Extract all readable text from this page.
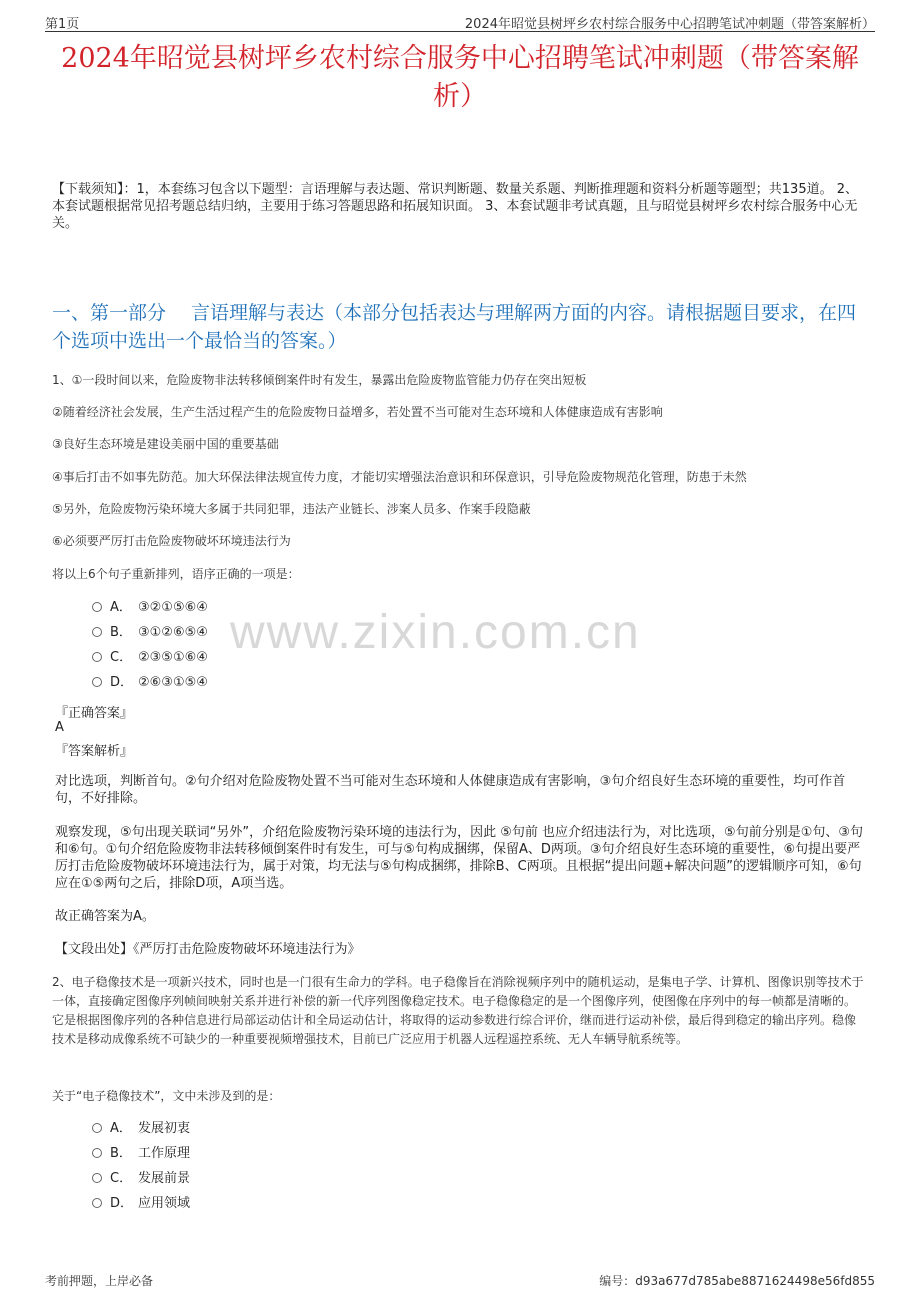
第1页	2024年昭觉县树坪乡农村综合服务中心招聘笔试冲刺题（带答案解析）
2024年昭觉县树坪乡农村综合服务中心招聘笔试冲刺题（带答案解析）
【下载须知】：1，本套练习包含以下题型：言语理解与表达题、常识判断题、数量关系题、判断推理题和资料分析题等题型；共135道。 2、本套试题根据常见招考题总结归纳，主要用于练习答题思路和拓展知识面。 3、本套试题非考试真题，且与昭觉县树坪乡农村综合服务中心无关。
一、第一部分　 言语理解与表达（本部分包括表达与理解两方面的内容。请根据题目要求，在四个选项中选出一个最恰当的答案。）
1、①一段时间以来，危险废物非法转移倾倒案件时有发生，暴露出危险废物监管能力仍存在突出短板
②随着经济社会发展，生产生活过程产生的危险废物日益增多，若处置不当可能对生态环境和人体健康造成有害影响
③良好生态环境是建设美丽中国的重要基础
④事后打击不如事先防范。加大环保法律法规宣传力度，才能切实增强法治意识和环保意识，引导危险废物规范化管理，防患于未然
⑤另外，危险废物污染环境大多属于共同犯罪，违法产业链长、涉案人员多、作案手段隐蔽
⑥必须要严厉打击危险废物破坏环境违法行为
将以上6个句子重新排列，语序正确的一项是：
A． ③②①⑤⑥④
B． ③①②⑥⑤④
C． ②③⑤①⑥④
D． ②⑥③①⑤④
www.zixin.com.cn
『正确答案』
A
『答案解析』
对比选项，判断首句。②句介绍对危险废物处置不当可能对生态环境和人体健康造成有害影响，③句介绍良好生态环境的重要性，均可作首句，不好排除。
观察发现，⑤句出现关联词“另外”，介绍危险废物污染环境的违法行为，因此 ⑤句前 也应介绍违法行为，对比选项，⑤句前分别是①句、③句和⑥句。①句介绍危险废物非法转移倾倒案件时有发生，可与⑤句构成捆绑，保留A、D两项。③句介绍良好生态环境的重要性，⑥句提出要严厉打击危险废物破坏环境违法行为，属于对策，均无法与⑤句构成捆绑，排除B、C两项。且根据“提出问题+解决问题”的逻辑顺序可知，⑥句应在①⑤两句之后，排除D项，A项当选。
故正确答案为A。
【文段出处】《严厉打击危险废物破坏环境违法行为》
2、电子稳像技术是一项新兴技术，同时也是一门很有生命力的学科。电子稳像旨在消除视频序列中的随机运动，是集电子学、计算机、图像识别等技术于一体，直接确定图像序列帧间映射关系并进行补偿的新一代序列图像稳定技术。电子稳像稳定的是一个图像序列，使图像在序列中的每一帧都是清晰的。它是根据图像序列的各种信息进行局部运动估计和全局运动估计，将取得的运动参数进行综合评价，继而进行运动补偿，最后得到稳定的输出序列。稳像技术是移动成像系统不可缺少的一种重要视频增强技术，目前已广泛应用于机器人远程遥控系统、无人车辆导航系统等。
关于“电子稳像技术”，文中未涉及到的是：
A． 发展初衷
B． 工作原理
C． 发展前景
D． 应用领域
考前押题，上岸必备	编号：d93a677d785abe8871624498e56fd855
